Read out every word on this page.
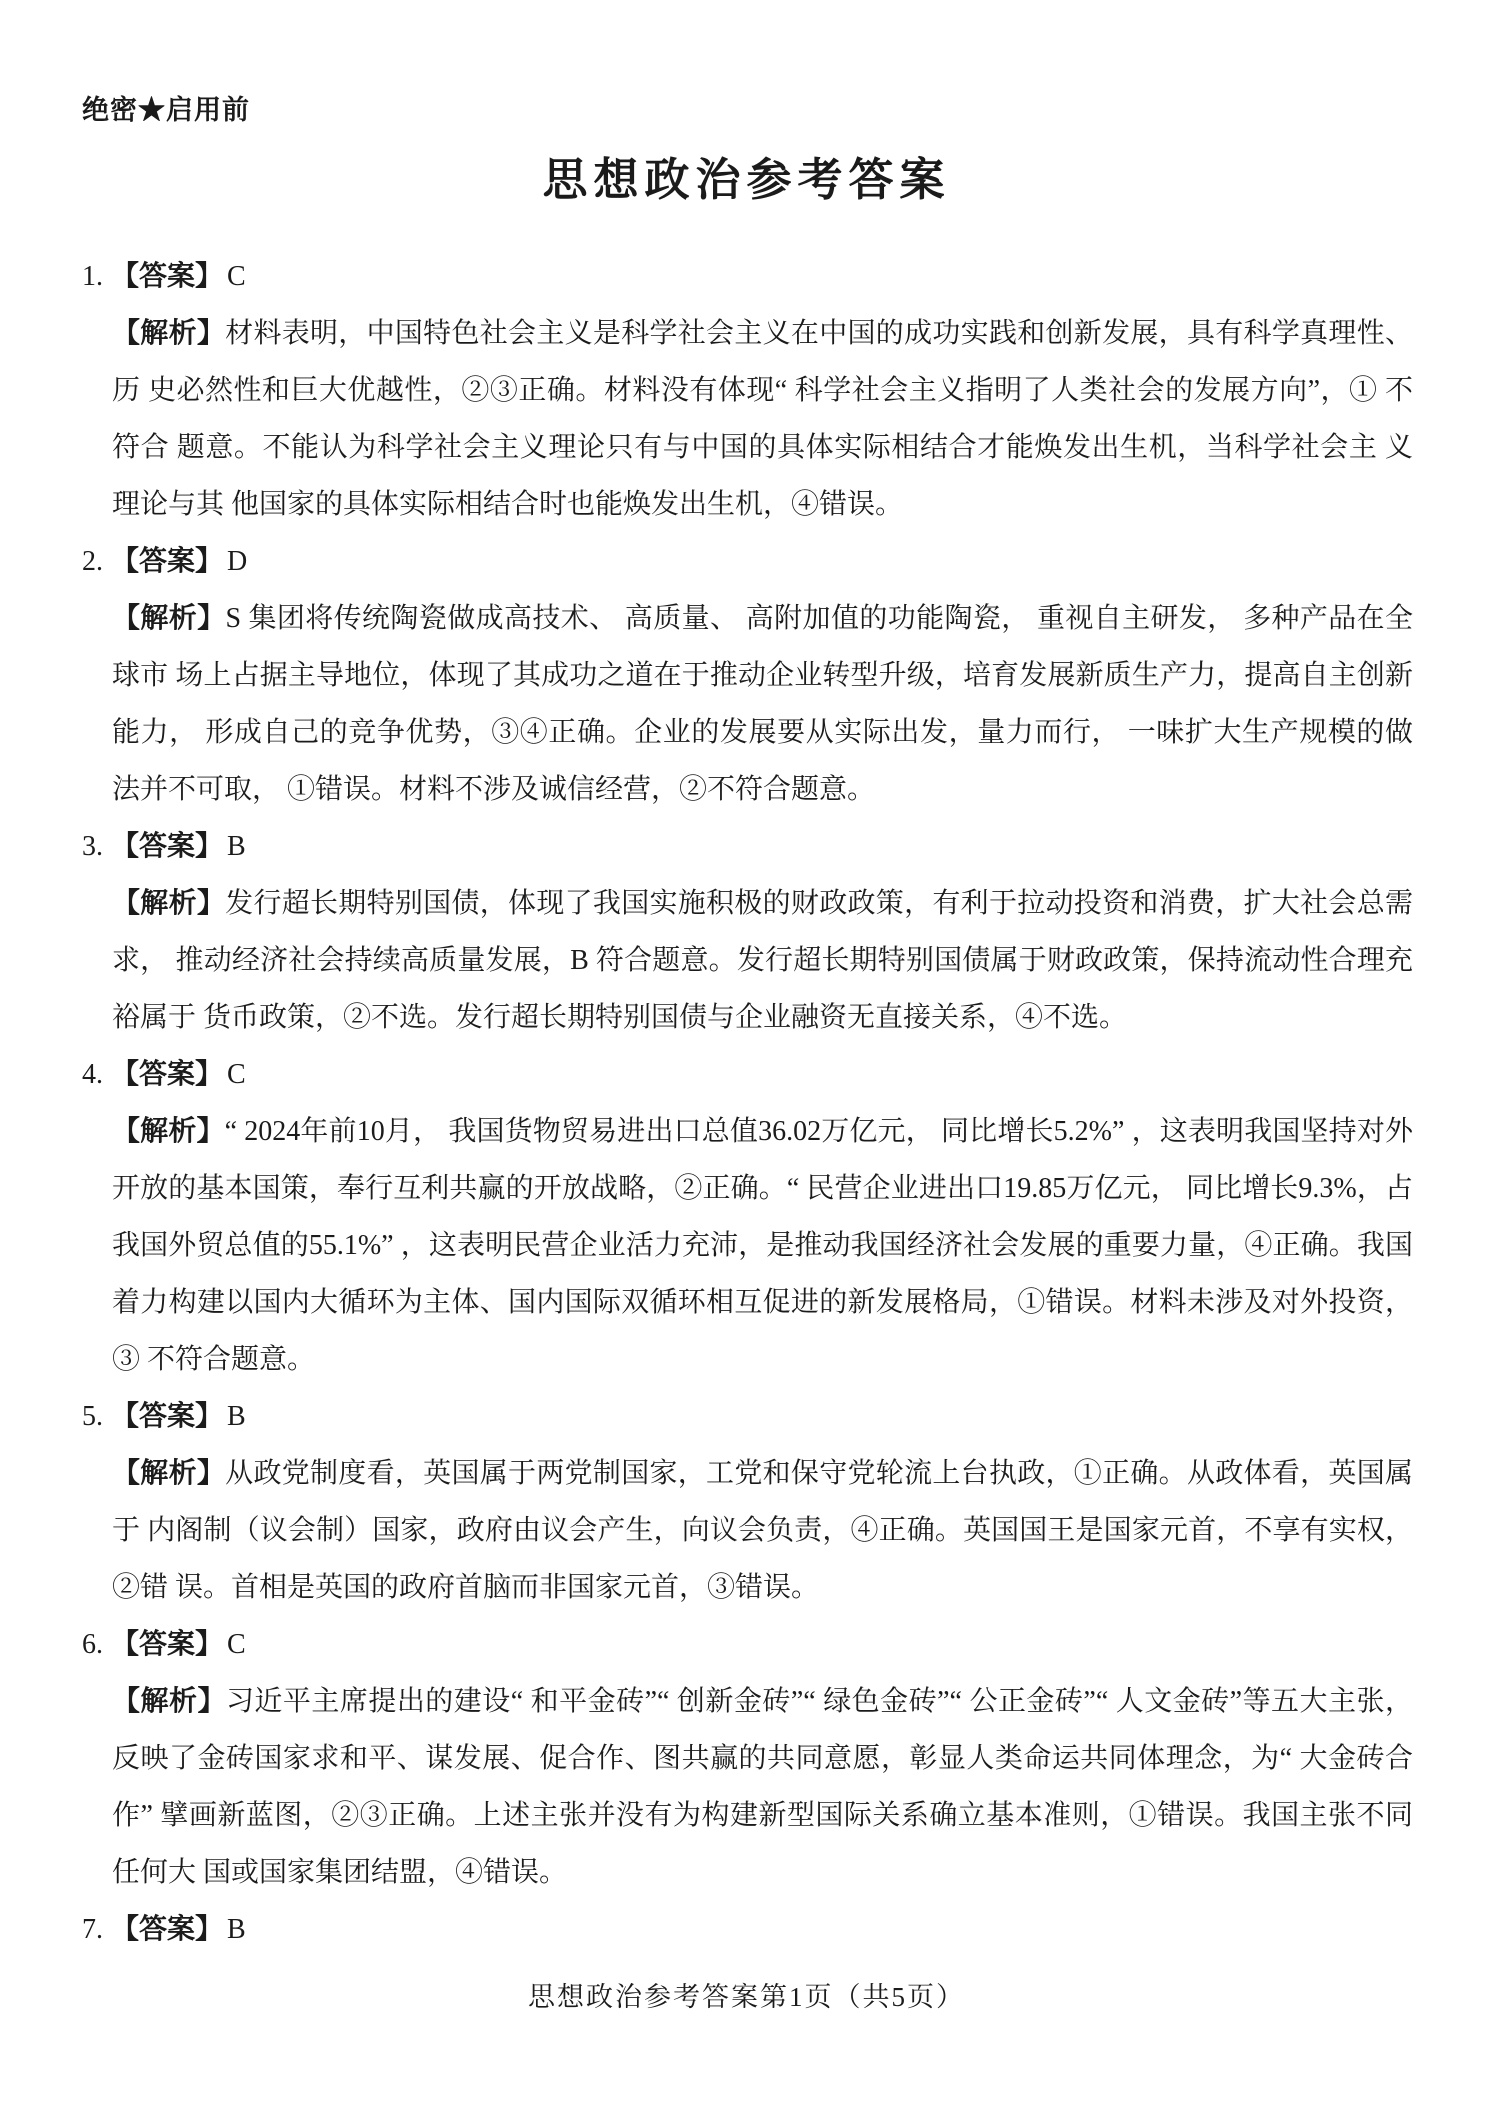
绝密★启用前
思想政治参考答案
1. 【答案】 C

【解析】材料表明，中国特色社会主义是科学社会主义在中国的成功实践和创新发展，具有科学真理性、历 史必然性和巨大优越性，②③正确。材料没有体现“ 科学社会主义指明了人类社会的发展方向”，① 不符合 题意。不能认为科学社会主义理论只有与中国的具体实际相结合才能焕发出生机，当科学社会主 义理论与其 他国家的具体实际相结合时也能焕发出生机，④错误。

2. 【答案】 D

【解析】S 集团将传统陶瓷做成高技术、 高质量、 高附加值的功能陶瓷， 重视自主研发， 多种产品在全球市 场上占据主导地位，体现了其成功之道在于推动企业转型升级，培育发展新质生产力，提高自主创新能力， 形成自己的竞争优势，③④正确。企业的发展要从实际出发，量力而行， 一味扩大生产规模的做法并不可取， ①错误。材料不涉及诚信经营，②不符合题意。

3. 【答案】 B

【解析】发行超长期特别国债，体现了我国实施积极的财政政策，有利于拉动投资和消费，扩大社会总需求， 推动经济社会持续高质量发展，B 符合题意。发行超长期特别国债属于财政政策，保持流动性合理充裕属于 货币政策，②不选。发行超长期特别国债与企业融资无直接关系，④不选。

4. 【答案】 C

【解析】“ 2024年前10月， 我国货物贸易进出口总值36.02万亿元， 同比增长5.2%” ，这表明我国坚持对外 开放的基本国策，奉行互利共赢的开放战略，②正确。“ 民营企业进出口19.85万亿元， 同比增长9.3%，占 我国外贸总值的55.1%” ，这表明民营企业活力充沛，是推动我国经济社会发展的重要力量，④正确。我国 着力构建以国内大循环为主体、国内国际双循环相互促进的新发展格局，①错误。材料未涉及对外投资，③ 不符合题意。

5. 【答案】 B

【解析】从政党制度看，英国属于两党制国家，工党和保守党轮流上台执政，①正确。从政体看，英国属于 内阁制（议会制）国家，政府由议会产生，向议会负责，④正确。英国国王是国家元首，不享有实权，②错 误。首相是英国的政府首脑而非国家元首，③错误。

6. 【答案】 C

【解析】习近平主席提出的建设“ 和平金砖”“ 创新金砖”“ 绿色金砖”“ 公正金砖”“ 人文金砖”等五大主张，反映了金砖国家求和平、谋发展、促合作、图共赢的共同意愿，彰显人类命运共同体理念，为“ 大金砖合作” 擘画新蓝图，②③正确。上述主张并没有为构建新型国际关系确立基本准则，①错误。我国主张不同任何大 国或国家集团结盟，④错误。

7. 【答案】 B
思想政治参考答案第1页（共5页）
